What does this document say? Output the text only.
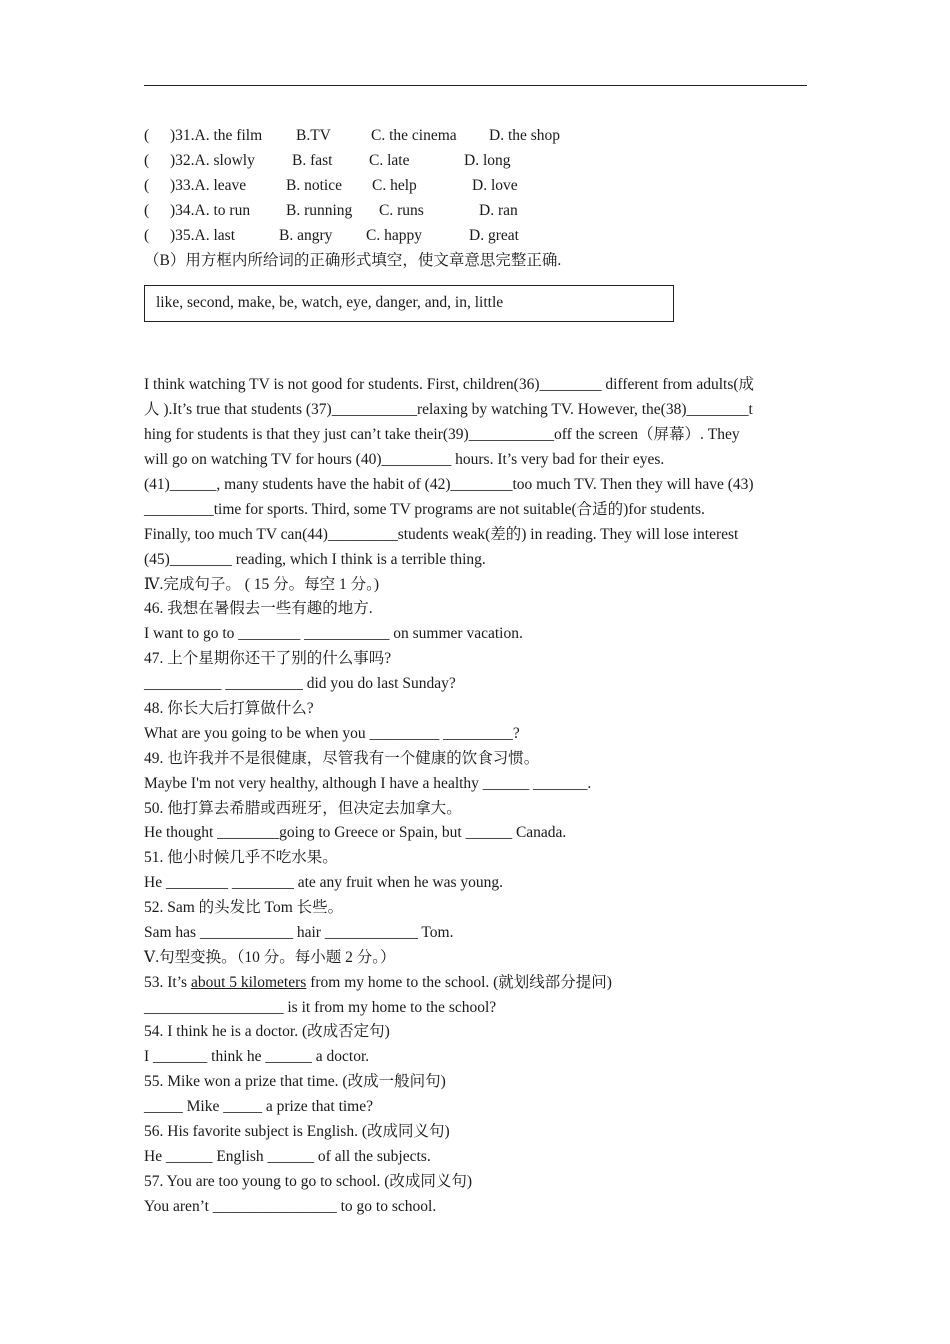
( )31.A. the film B.TV	C. the cinema D. the shop
( )32.A. slowly B. fast C. late	D. long
( )33.A. leave	B. notice C. help	D. love
( )34.A. to run B. running C. runs	D. ran
( )35.A. last	B. angry C. happy	D. great
（B）用方框内所给词的正确形式填空，使文章意思完整正确.
like, second, make, be, watch, eye, danger, and, in, little
I think watching TV is not good for students. First, children(36)________ different from adults(成
人 ).It’s true that students (37)___________relaxing by watching TV. However, the(38)________t
hing for students is that they just can’t take their(39)___________off the screen（屏幕）. They
will go on watching TV for hours (40)_________ hours. It’s very bad for their eyes.
(41)______, many students have the habit of (42)________too much TV. Then they will have (43)
_________time for sports. Third, some TV programs are not suitable(合适的)for students.
Finally, too much TV can(44)_________students weak(差的) in reading. They will lose interest
(45)________ reading, which I think is a terrible thing.
Ⅳ.完成句子。 ( 15 分。每空 1 分。)
46. 我想在暑假去一些有趣的地方.
I want to go to ________ ___________ on summer vacation.
47. 上个星期你还干了别的什么事吗?
__________ __________ did you do last Sunday?
48. 你长大后打算做什么?
What are you going to be when you _________ _________?
49. 也许我并不是很健康，尽管我有一个健康的饮食习惯。
Maybe I'm not very healthy, although I have a healthy ______ _______.
50. 他打算去希腊或西班牙，但决定去加拿大。
He thought ________going to Greece or Spain, but ______ Canada.
51. 他小时候几乎不吃水果。
He ________ ________ ate any fruit when he was young.
52. Sam 的头发比 Tom 长些。
Sam has ____________ hair ____________ Tom.
Ⅴ.句型变换。（10 分。每小题 2 分。）
53. It’s about 5 kilometers from my home to the school. (就划线部分提问)
__________________ is it from my home to the school?
54. I think he is a doctor. (改成否定句)
I _______ think he ______ a doctor.
55. Mike won a prize that time. (改成一般问句)
_____ Mike _____ a prize that time?
56. His favorite subject is English. (改成同义句)
He ______ English ______ of all the subjects.
57. You are too young to go to school. (改成同义句)
You aren’t ________________ to go to school.
